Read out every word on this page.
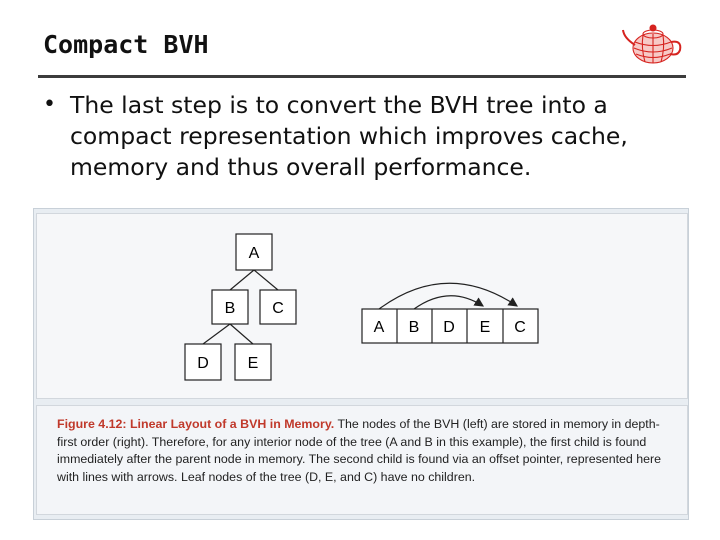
Compact BVH
• The last step is to convert the BVH tree into a compact representation which improves cache, memory and thus overall performance.
A
B C
D E
A B D E C
Figure 4.12: Linear Layout of a BVH in Memory. The nodes of the BVH (left) are stored in memory in depth-first order (right). Therefore, for any interior node of the tree (A and B in this example), the first child is found immediately after the parent node in memory. The second child is found via an offset pointer, represented here with lines with arrows. Leaf nodes of the tree (D, E, and C) have no children.
